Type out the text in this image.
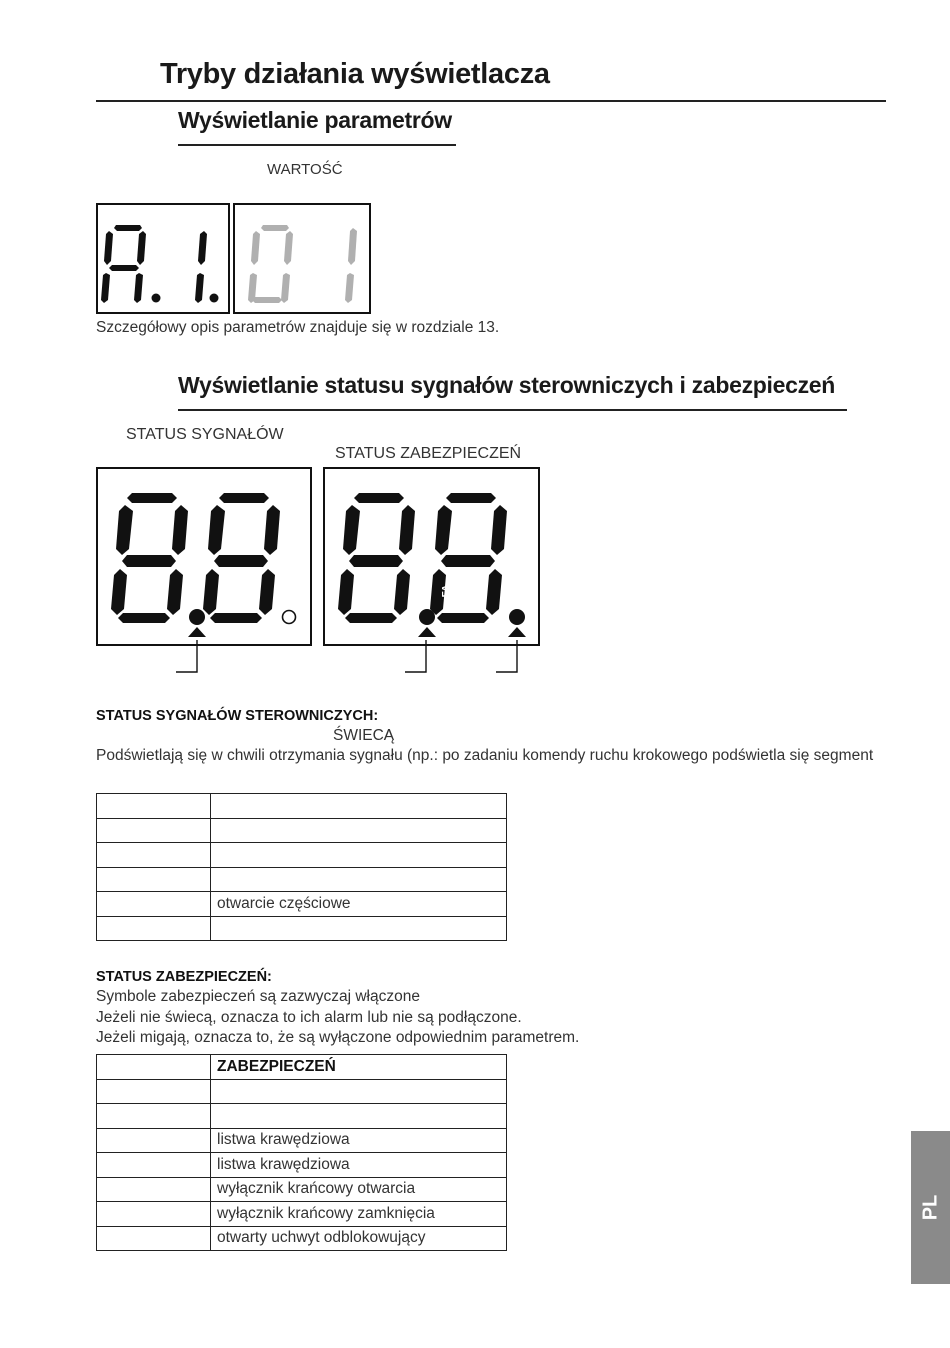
Tryby działania wyświetlacza
Wyświetlanie parametrów
WARTOŚĆ
Szczegółowy opis parametrów znajduje się w rozdziale 13.
Wyświetlanie statusu sygnałów sterowniczych i zabezpieczeń
STATUS SYGNAŁÓW
STATUS ZABEZPIECZEŃ
FA	FC
STATUS SYGNAŁÓW STEROWNICZYCH:
ŚWIECĄ
Podświetlają się w chwili otrzymania sygnału (np.: po zadaniu komendy ruchu krokowego podświetla się segment

	otwarcie częściowe

STATUS ZABEZPIECZEŃ:
Symbole zabezpieczeń są zazwyczaj włączone
Jeżeli nie świecą, oznacza to ich alarm lub nie są podłączone.
Jeżeli migają, oznacza to, że są wyłączone odpowiednim parametrem.
	ZABEZPIECZEŃ

	listwa krawędziowa
	listwa krawędziowa
	wyłącznik krańcowy otwarcia
	wyłącznik krańcowy zamknięcia
	otwarty uchwyt odblokowujący
PL
